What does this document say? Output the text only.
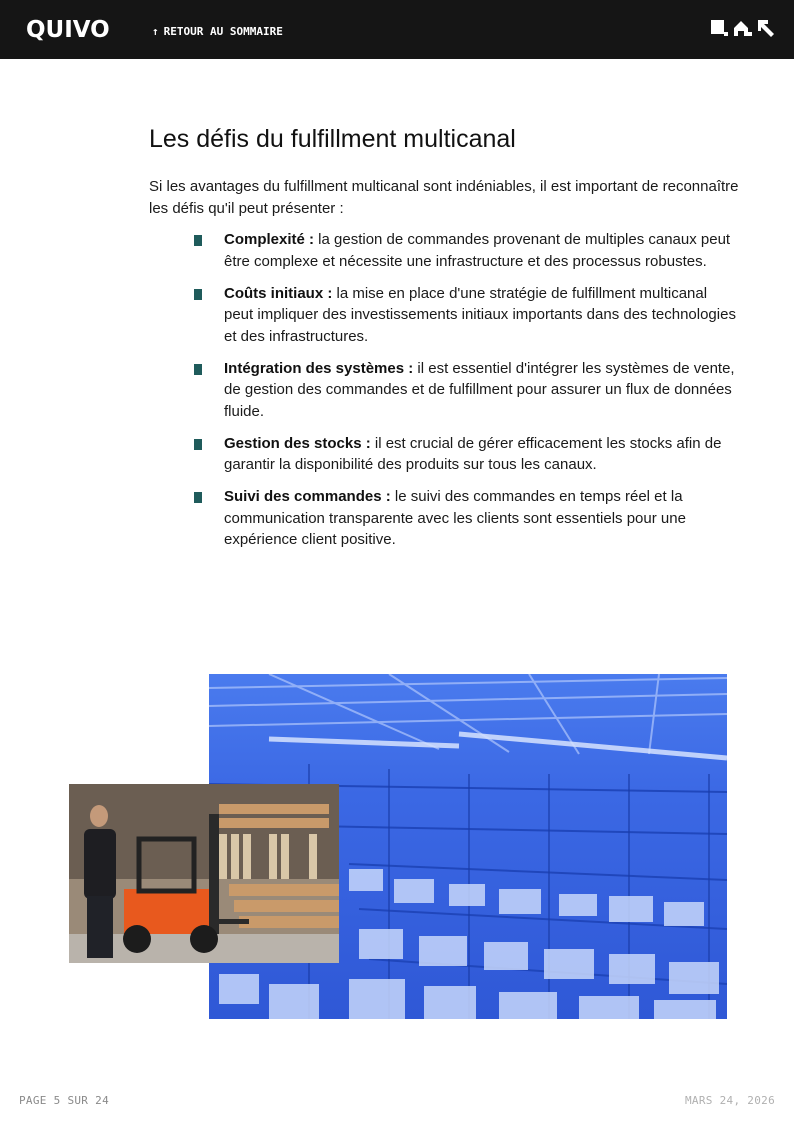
QUIVO	↑ RETOUR AU SOMMAIRE
Les défis du fulfillment multicanal

Si les avantages du fulfillment multicanal sont indéniables, il est important de reconnaître les défis qu'il peut présenter :

Complexité : la gestion de commandes provenant de multiples canaux peut être complexe et nécessite une infrastructure et des processus robustes.
Coûts initiaux : la mise en place d'une stratégie de fulfillment multicanal peut impliquer des investissements initiaux importants dans des technologies et des infrastructures.
Intégration des systèmes : il est essentiel d'intégrer les systèmes de vente, de gestion des commandes et de fulfillment pour assurer un flux de données fluide.
Gestion des stocks : il est crucial de gérer efficacement les stocks afin de garantir la disponibilité des produits sur tous les canaux.
Suivi des commandes : le suivi des commandes en temps réel et la communication transparente avec les clients sont essentiels pour une expérience client positive.
PAGE 5 SUR 24	MARS 24, 2026
